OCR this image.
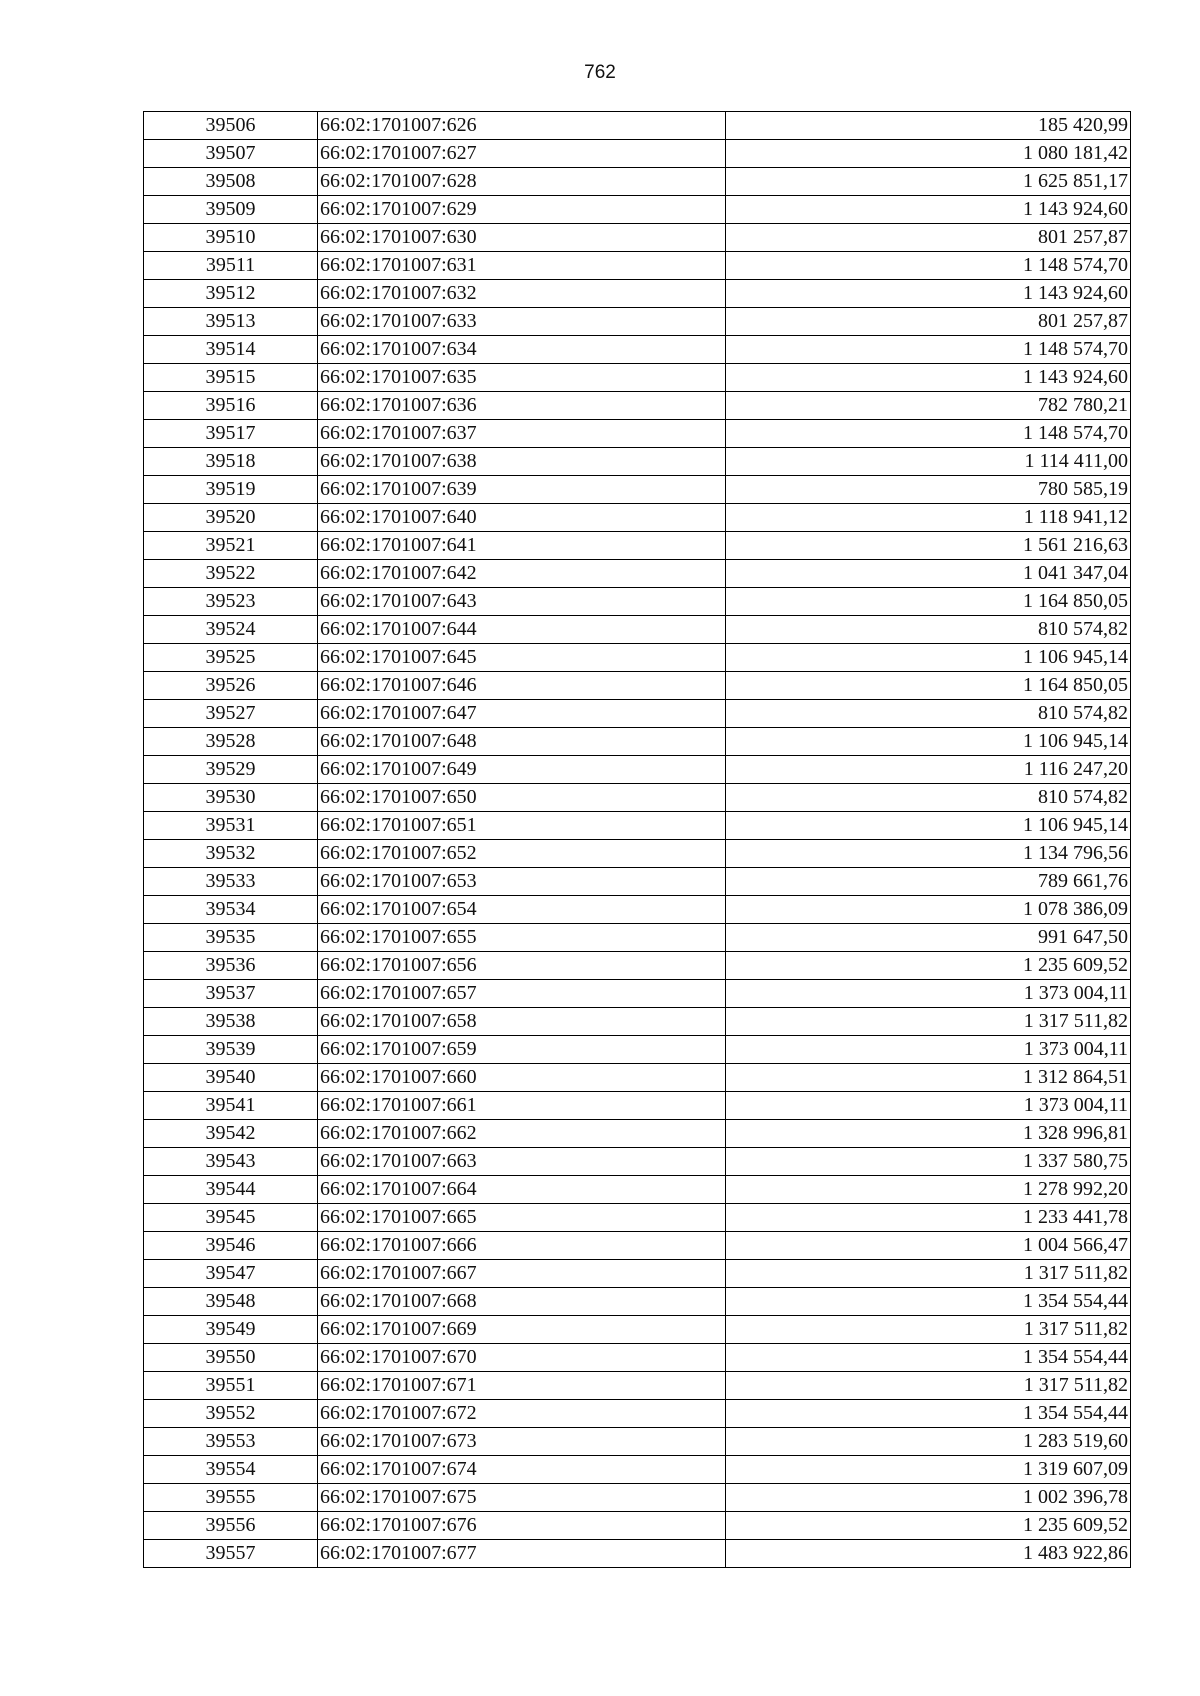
762
39506	66:02:1701007:626	185 420,99
39507	66:02:1701007:627	1 080 181,42
39508	66:02:1701007:628	1 625 851,17
39509	66:02:1701007:629	1 143 924,60
39510	66:02:1701007:630	801 257,87
39511	66:02:1701007:631	1 148 574,70
39512	66:02:1701007:632	1 143 924,60
39513	66:02:1701007:633	801 257,87
39514	66:02:1701007:634	1 148 574,70
39515	66:02:1701007:635	1 143 924,60
39516	66:02:1701007:636	782 780,21
39517	66:02:1701007:637	1 148 574,70
39518	66:02:1701007:638	1 114 411,00
39519	66:02:1701007:639	780 585,19
39520	66:02:1701007:640	1 118 941,12
39521	66:02:1701007:641	1 561 216,63
39522	66:02:1701007:642	1 041 347,04
39523	66:02:1701007:643	1 164 850,05
39524	66:02:1701007:644	810 574,82
39525	66:02:1701007:645	1 106 945,14
39526	66:02:1701007:646	1 164 850,05
39527	66:02:1701007:647	810 574,82
39528	66:02:1701007:648	1 106 945,14
39529	66:02:1701007:649	1 116 247,20
39530	66:02:1701007:650	810 574,82
39531	66:02:1701007:651	1 106 945,14
39532	66:02:1701007:652	1 134 796,56
39533	66:02:1701007:653	789 661,76
39534	66:02:1701007:654	1 078 386,09
39535	66:02:1701007:655	991 647,50
39536	66:02:1701007:656	1 235 609,52
39537	66:02:1701007:657	1 373 004,11
39538	66:02:1701007:658	1 317 511,82
39539	66:02:1701007:659	1 373 004,11
39540	66:02:1701007:660	1 312 864,51
39541	66:02:1701007:661	1 373 004,11
39542	66:02:1701007:662	1 328 996,81
39543	66:02:1701007:663	1 337 580,75
39544	66:02:1701007:664	1 278 992,20
39545	66:02:1701007:665	1 233 441,78
39546	66:02:1701007:666	1 004 566,47
39547	66:02:1701007:667	1 317 511,82
39548	66:02:1701007:668	1 354 554,44
39549	66:02:1701007:669	1 317 511,82
39550	66:02:1701007:670	1 354 554,44
39551	66:02:1701007:671	1 317 511,82
39552	66:02:1701007:672	1 354 554,44
39553	66:02:1701007:673	1 283 519,60
39554	66:02:1701007:674	1 319 607,09
39555	66:02:1701007:675	1 002 396,78
39556	66:02:1701007:676	1 235 609,52
39557	66:02:1701007:677	1 483 922,86
